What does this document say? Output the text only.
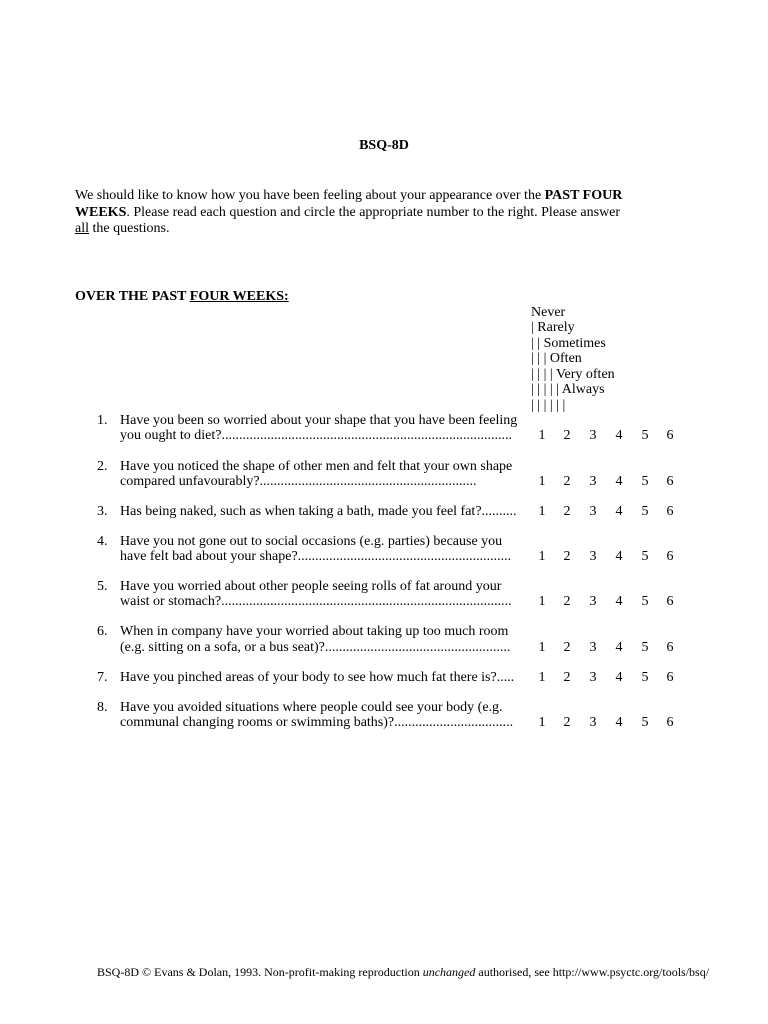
BSQ-8D
We should like to know how you have been feeling about your appearance over the PAST FOUR
WEEKS. Please read each question and circle the appropriate number to the right. Please answer
all the questions.
OVER THE PAST FOUR WEEKS:
Never
| Rarely
| | Sometimes
| | | Often
| | | | Very often
| | | | | Always
| | | | | |
1. Have you been so worried about your shape that you have been feeling
you ought to diet?................................................................................... 1 2 3 4 5 6
2. Have you noticed the shape of other men and felt that your own shape
compared unfavourably?..............................................................	1 2 3 4 5 6
3. Has being naked, such as when taking a bath, made you feel fat?.......... 1 2 3 4 5 6
4. Have you not gone out to social occasions (e.g. parties) because you
have felt bad about your shape?............................................................. 1 2 3 4 5 6
5. Have you worried about other people seeing rolls of fat around your
waist or stomach?................................................................................... 1 2 3 4 5 6
6. When in company have your worried about taking up too much room
(e.g. sitting on a sofa, or a bus seat)?..................................................... 1 2 3 4 5 6
7. Have you pinched areas of your body to see how much fat there is?..... 1 2 3 4 5 6
8. Have you avoided situations where people could see your body (e.g.
communal changing rooms or swimming baths)?.................................. 1 2 3 4 5 6
BSQ-8D © Evans & Dolan, 1993. Non-profit-making reproduction unchanged authorised, see http://www.psyctc.org/tools/bsq/
